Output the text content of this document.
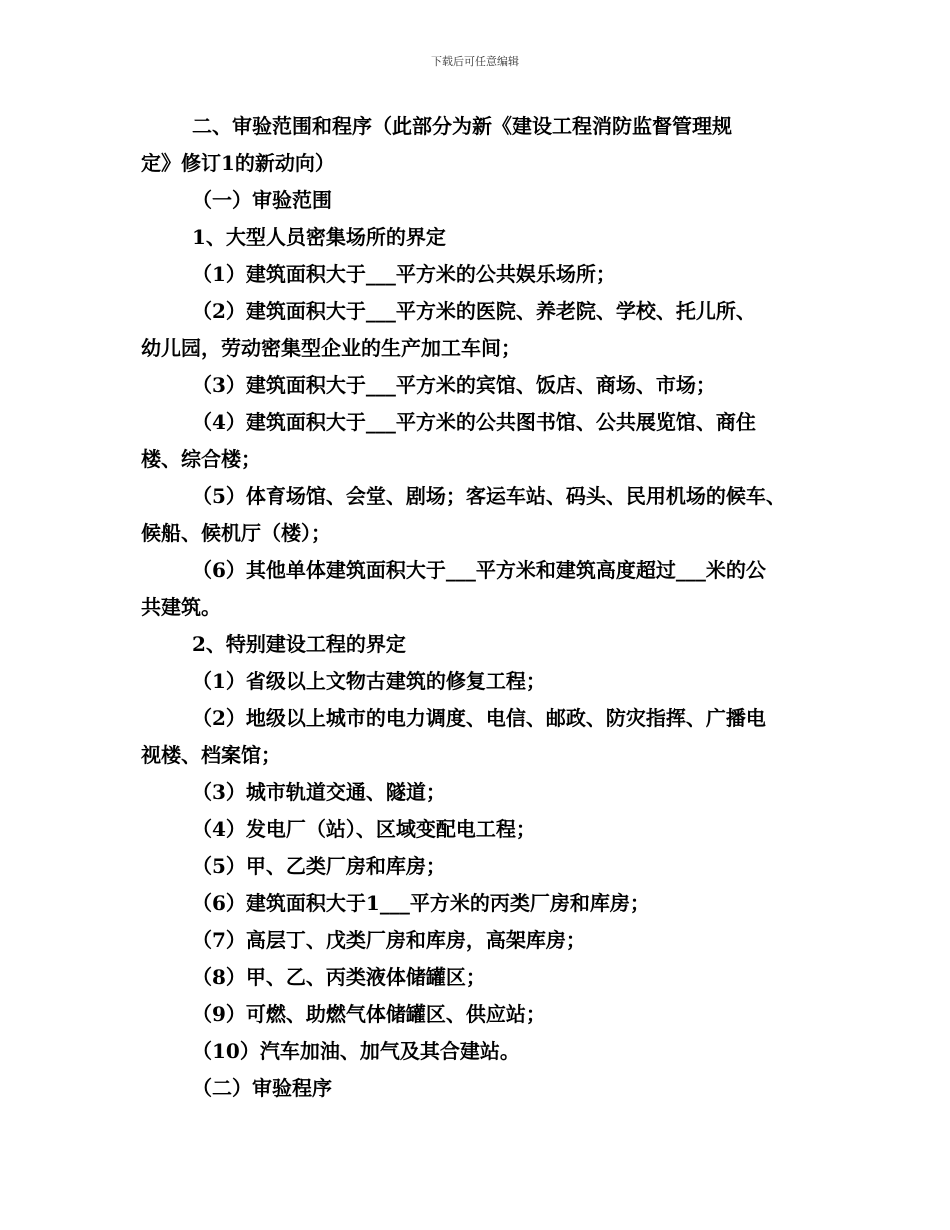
下载后可任意编辑
二、审验范围和程序（此部分为新《建设工程消防监督管理规
定》修订1的新动向）
（一）审验范围
1、大型人员密集场所的界定
（1）建筑面积大于___平方米的公共娱乐场所；
（2）建筑面积大于___平方米的医院、养老院、学校、托儿所、
幼儿园，劳动密集型企业的生产加工车间；
（3）建筑面积大于___平方米的宾馆、饭店、商场、市场；
（4）建筑面积大于___平方米的公共图书馆、公共展览馆、商住
楼、综合楼；
（5）体育场馆、会堂、剧场；客运车站、码头、民用机场的候车、
候船、候机厅（楼）；
（6）其他单体建筑面积大于___平方米和建筑高度超过___米的公
共建筑。
2、特别建设工程的界定
（1）省级以上文物古建筑的修复工程；
（2）地级以上城市的电力调度、电信、邮政、防灾指挥、广播电
视楼、档案馆；
（3）城市轨道交通、隧道；
（4）发电厂（站）、区域变配电工程；
（5）甲、乙类厂房和库房；
（6）建筑面积大于1___平方米的丙类厂房和库房；
（7）高层丁、戊类厂房和库房，高架库房；
（8）甲、乙、丙类液体储罐区；
（9）可燃、助燃气体储罐区、供应站；
（10）汽车加油、加气及其合建站。
（二）审验程序
